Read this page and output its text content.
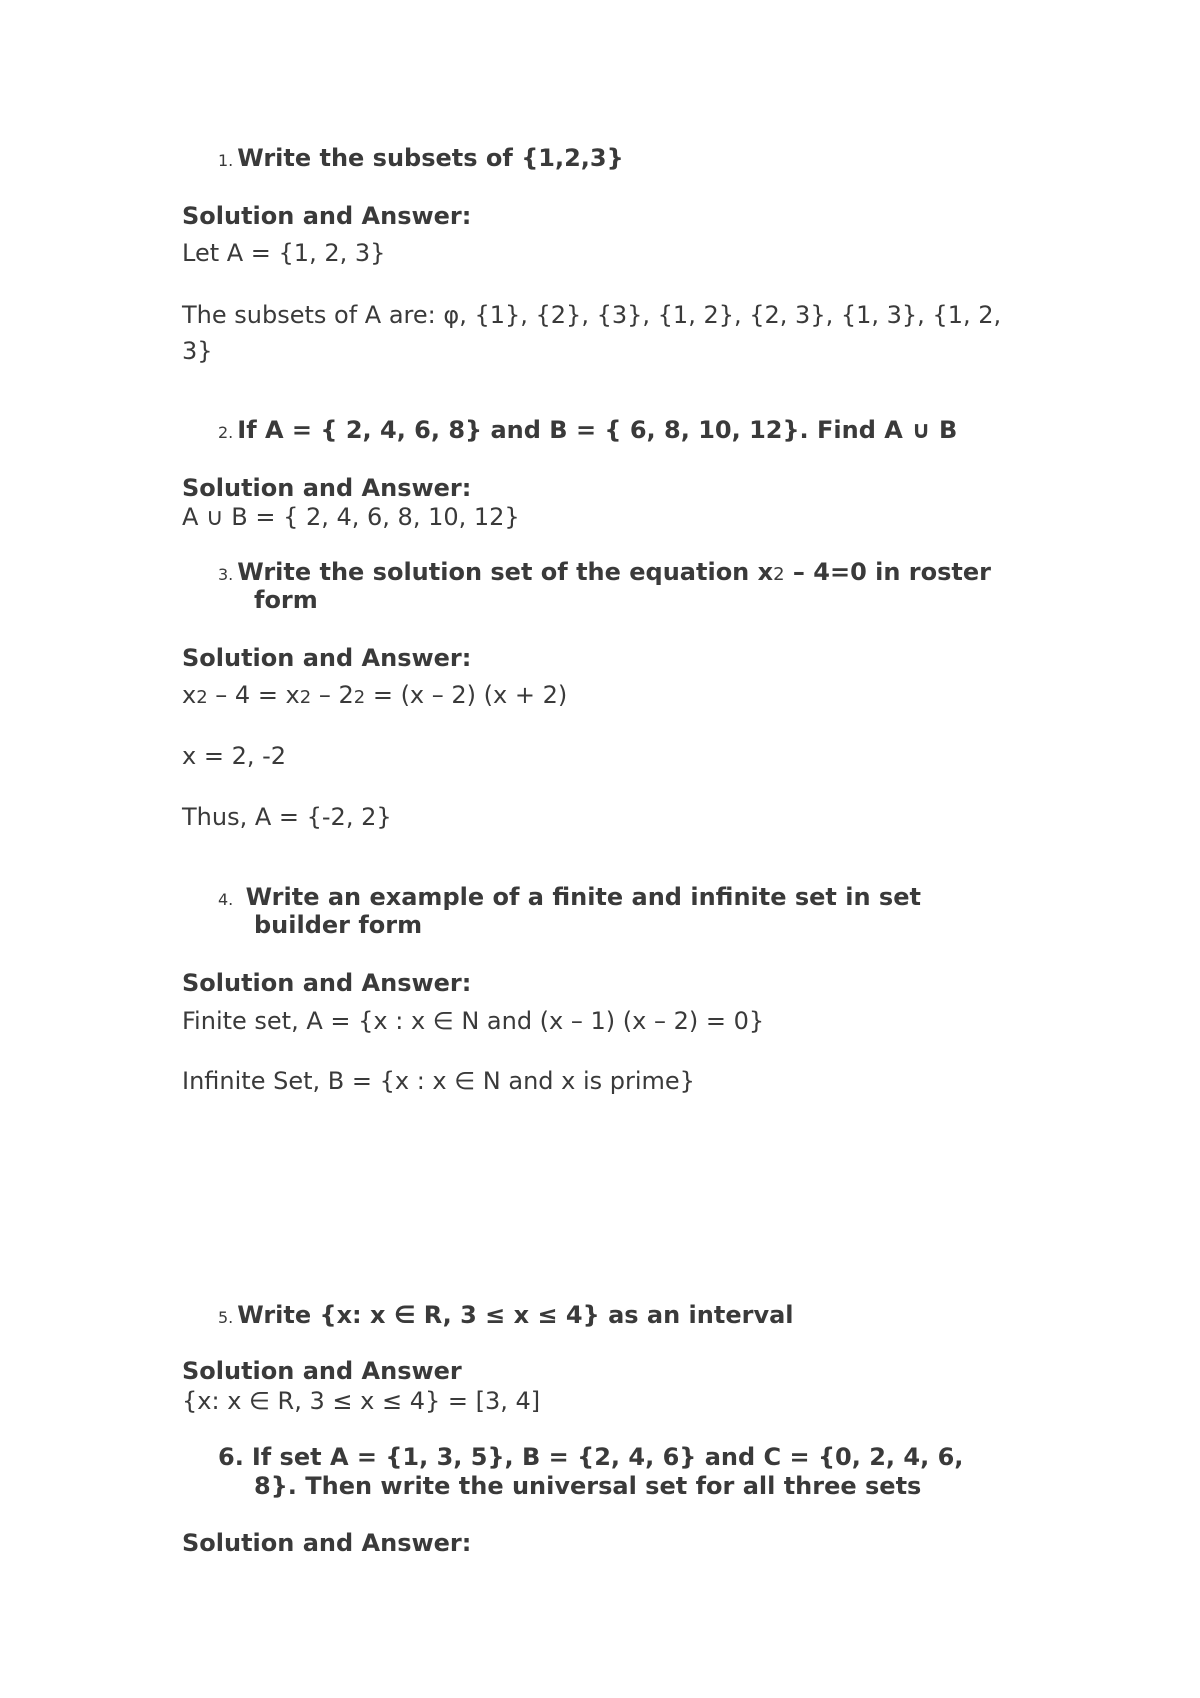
1. Write the subsets of {1,2,3}

Solution and Answer:

Let A = {1, 2, 3}

The subsets of A are: φ, {1}, {2}, {3}, {1, 2}, {2, 3}, {1, 3}, {1, 2,

3}

2. If A = { 2, 4, 6, 8} and B = { 6, 8, 10, 12}. Find A ∪ B

Solution and Answer:

A ∪ B = { 2, 4, 6, 8, 10, 12}

3. Write the solution set of the equation x2 – 4=0 in roster

form

Solution and Answer:

x2 – 4 = x2 – 22 = (x – 2) (x + 2)

x = 2, -2

Thus, A = {-2, 2}

4. Write an example of a finite and infinite set in set

builder form

Solution and Answer:

Finite set, A = {x : x ∈ N and (x – 1) (x – 2) = 0}

Infinite Set, B = {x : x ∈ N and x is prime}

5. Write {x: x ∈ R, 3 ≤ x ≤ 4} as an interval

Solution and Answer

{x: x ∈ R, 3 ≤ x ≤ 4} = [3, 4]

6. If set A = {1, 3, 5}, B = {2, 4, 6} and C = {0, 2, 4, 6,

8}. Then write the universal set for all three sets

Solution and Answer:
